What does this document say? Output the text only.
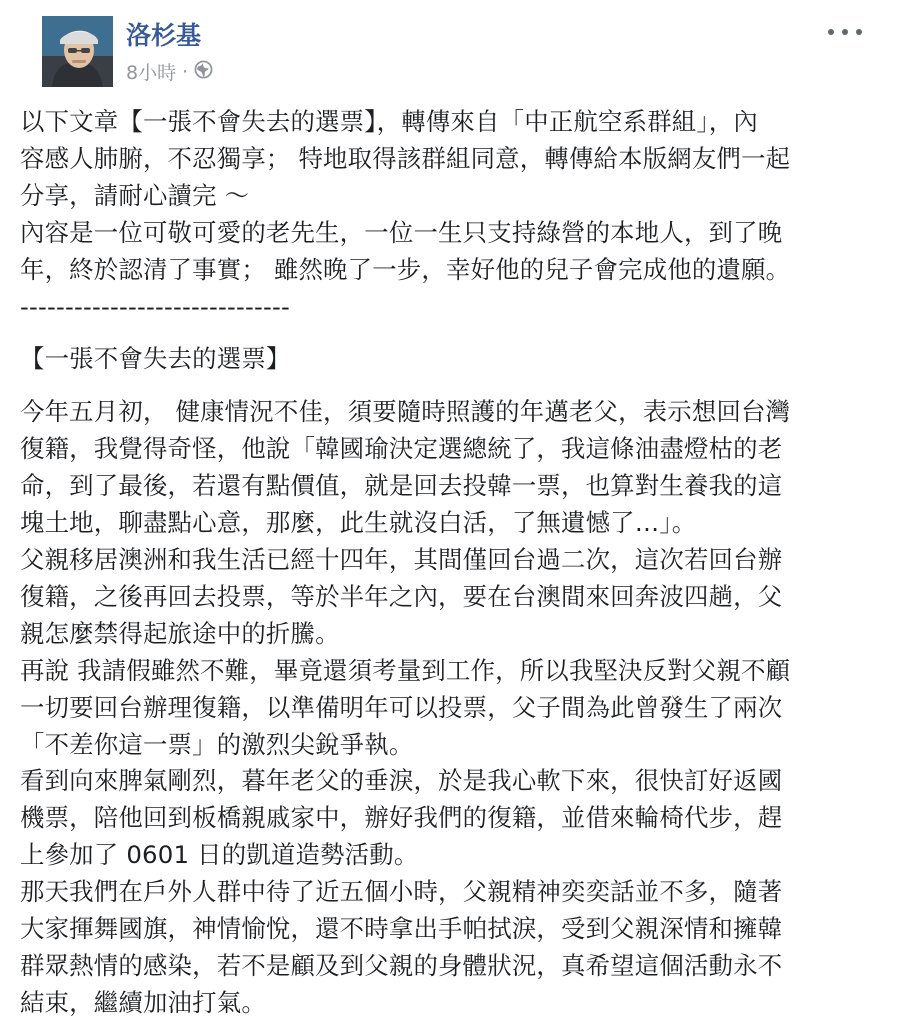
洛杉基
8小時 ·

以下文章【一張不會失去的選票】，轉傳來自「中正航空系群組」，內

容感人肺腑，不忍獨享； 特地取得該群組同意，轉傳給本版網友們一起

分享，請耐心讀完 ～

內容是一位可敬可愛的老先生，一位一生只支持綠營的本地人，到了晚

年，終於認清了事實； 雖然晚了一步，幸好他的兒子會完成他的遺願。

------------------------------

【一張不會失去的選票】

今年五月初， 健康情況不佳，須要隨時照護的年邁老父，表示想回台灣

復籍，我覺得奇怪，他說「韓國瑜決定選總統了，我這條油盡燈枯的老

命，到了最後，若還有點價值，就是回去投韓一票，也算對生養我的這

塊土地，聊盡點心意，那麼，此生就沒白活，了無遺憾了…」。

父親移居澳洲和我生活已經十四年，其間僅回台過二次，這次若回台辦

復籍，之後再回去投票，等於半年之內，要在台澳間來回奔波四趟，父

親怎麼禁得起旅途中的折騰。

再說 我請假雖然不難，畢竟還須考量到工作，所以我堅決反對父親不顧

一切要回台辦理復籍，以準備明年可以投票，父子間為此曾發生了兩次

「不差你這一票」的激烈尖銳爭執。

看到向來脾氣剛烈，暮年老父的垂淚，於是我心軟下來，很快訂好返國

機票，陪他回到板橋親戚家中，辦好我們的復籍，並借來輪椅代步，趕

上參加了 0601 日的凱道造勢活動。

那天我們在戶外人群中待了近五個小時，父親精神奕奕話並不多，隨著

大家揮舞國旗，神情愉悅，還不時拿出手帕拭淚，受到父親深情和擁韓

群眾熱情的感染，若不是顧及到父親的身體狀況，真希望這個活動永不

結束，繼續加油打氣。
